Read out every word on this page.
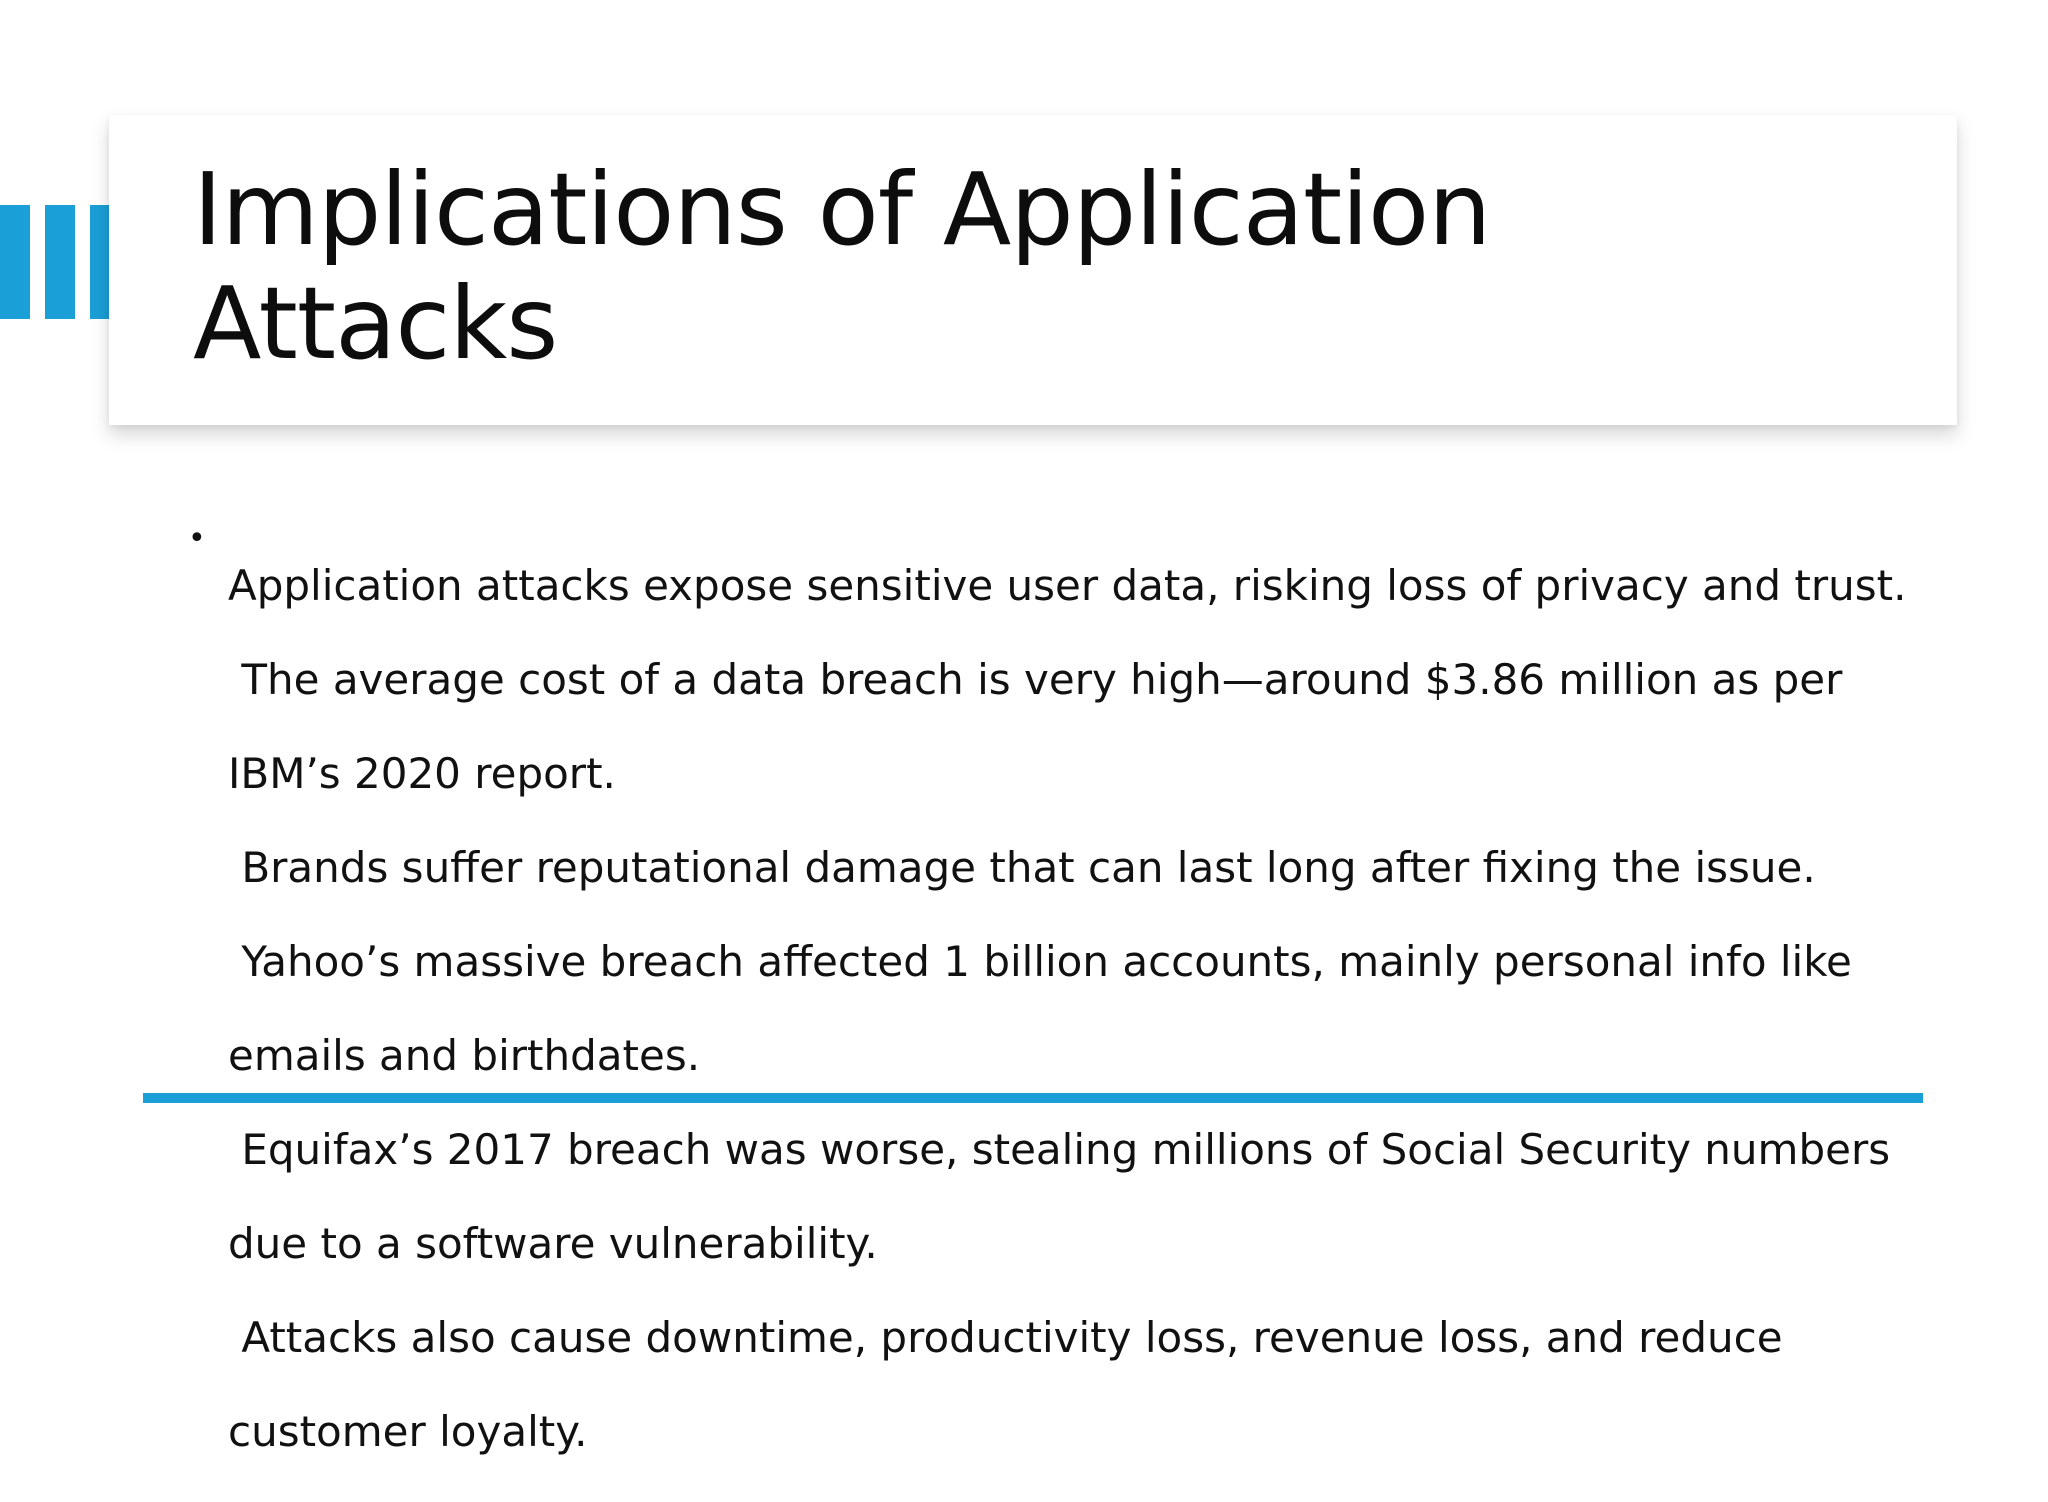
Implications of Application
Attacks
•

Application attacks expose sensitive user data, risking loss of privacy and trust.

The average cost of a data breach is very high—around $3.86 million as per

IBM’s 2020 report.

Brands suffer reputational damage that can last long after fixing the issue.

Yahoo’s massive breach affected 1 billion accounts, mainly personal info like

emails and birthdates.

Equifax’s 2017 breach was worse, stealing millions of Social Security numbers

due to a software vulnerability.

Attacks also cause downtime, productivity loss, revenue loss, and reduce

customer loyalty.
